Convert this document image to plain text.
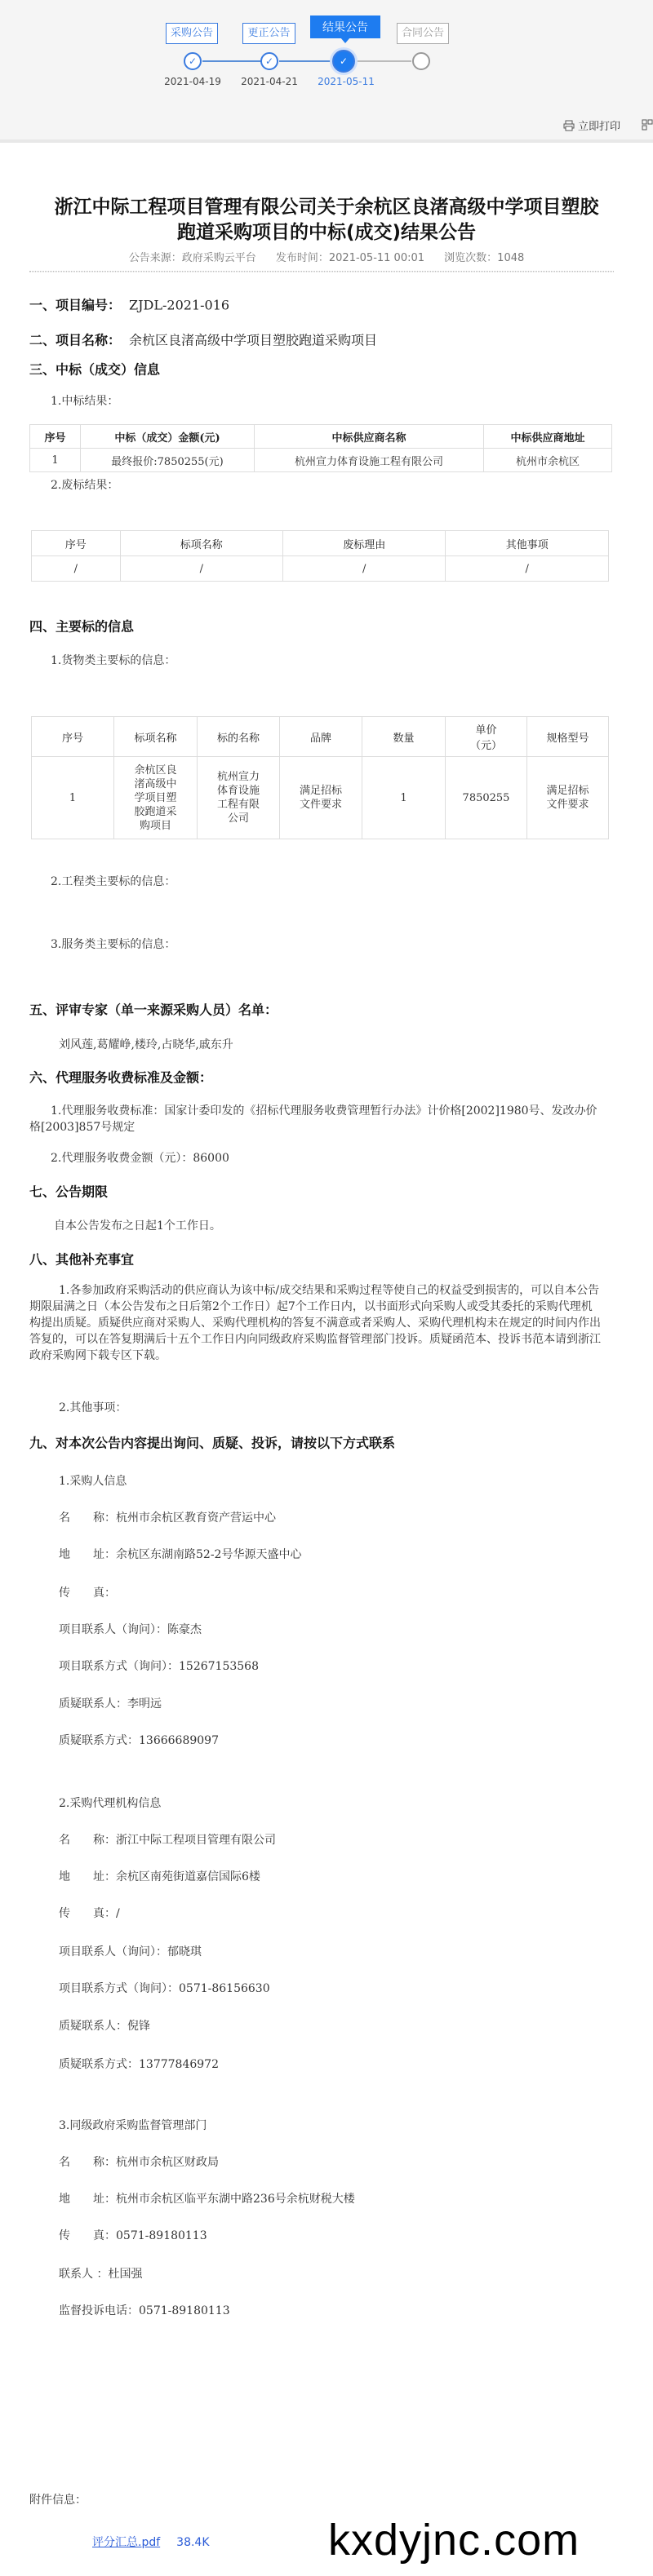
采购公告	更正公告	结果公告	合同公告
✓	✓	✓
2021-04-19	2021-04-21	2021-05-11
立即打印
浙江中际工程项目管理有限公司关于余杭区良渚高级中学项目塑胶
跑道采购项目的中标(成交)结果公告
公告来源：政府采购云平台 发布时间：2021-05-11 00:01 浏览次数：1048
一、项目编号： ZJDL-2021-016
二、项目名称： 余杭区良渚高级中学项目塑胶跑道采购项目
三、中标（成交）信息
1.中标结果：
序号	中标（成交）金额(元)	中标供应商名称	中标供应商地址
1	最终报价:7850255(元)	杭州宣力体育设施工程有限公司	杭州市余杭区
2.废标结果：
序号	标项名称	废标理由	其他事项
/	/	/	/
四、主要标的信息
1.货物类主要标的信息：
序号	标项名称	标的名称	品牌	数量	单价（元）	规格型号
1	余杭区良渚高级中学项目塑胶跑道采购项目	杭州宣力体育设施工程有限公司	满足招标文件要求	1	7850255	满足招标文件要求
2.工程类主要标的信息：
3.服务类主要标的信息：
五、评审专家（单一来源采购人员）名单：
刘风莲,葛耀峥,楼玲,占晓华,戚东升
六、代理服务收费标准及金额：
1.代理服务收费标准：国家计委印发的《招标代理服务收费管理暂行办法》计价格[2002]1980号、发改办价格[2003]857号规定
2.代理服务收费金额（元）：86000
七、公告期限
自本公告发布之日起1个工作日。
八、其他补充事宜
1.各参加政府采购活动的供应商认为该中标/成交结果和采购过程等使自己的权益受到损害的，可以自本公告期限届满之日（本公告发布之日后第2个工作日）起7个工作日内，以书面形式向采购人或受其委托的采购代理机构提出质疑。质疑供应商对采购人、采购代理机构的答复不满意或者采购人、采购代理机构未在规定的时间内作出答复的，可以在答复期满后十五个工作日内向同级政府采购监督管理部门投诉。质疑函范本、投诉书范本请到浙江政府采购网下载专区下载。
2.其他事项：
九、对本次公告内容提出询问、质疑、投诉，请按以下方式联系
1.采购人信息
名　　称：杭州市余杭区教育资产营运中心
地　　址：余杭区东湖南路52-2号华源天盛中心
传　　真：
项目联系人（询问）：陈豪杰
项目联系方式（询问）：15267153568
质疑联系人：李明远
质疑联系方式：13666689097
2.采购代理机构信息
名　　称：浙江中际工程项目管理有限公司
地　　址：余杭区南苑街道嘉信国际6楼
传　　真：/
项目联系人（询问）：郁晓琪
项目联系方式（询问）：0571-86156630
质疑联系人：倪锋
质疑联系方式：13777846972
3.同级政府采购监督管理部门
名　　称：杭州市余杭区财政局
地　　址：杭州市余杭区临平东湖中路236号余杭财税大楼
传　　真：0571-89180113
联系人 ：杜国强
监督投诉电话：0571-89180113
附件信息：
评分汇总.pdf 38.4K	kxdyjnc.com
